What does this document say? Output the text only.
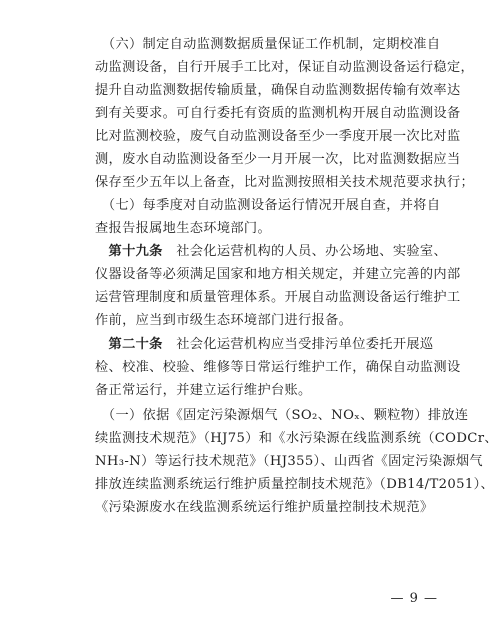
　（六）制定自动监测数据质量保证工作机制，定期校准自
动监测设备，自行开展手工比对，保证自动监测设备运行稳定，
提升自动监测数据传输质量，确保自动监测数据传输有效率达
到有关要求。可自行委托有资质的监测机构开展自动监测设备
比对监测校验，废气自动监测设备至少一季度开展一次比对监
测，废水自动监测设备至少一月开展一次，比对监测数据应当
保存至少五年以上备查，比对监测按照相关技术规范要求执行；
　（七）每季度对自动监测设备运行情况开展自查，并将自
查报告报属地生态环境部门。
　第十九条　社会化运营机构的人员、办公场地、实验室、
仪器设备等必须满足国家和地方相关规定，并建立完善的内部
运营管理制度和质量管理体系。开展自动监测设备运行维护工
作前，应当到市级生态环境部门进行报备。
　第二十条　社会化运营机构应当受排污单位委托开展巡
检、校准、校验、维修等日常运行维护工作，确保自动监测设
备正常运行，并建立运行维护台账。
　（一）依据《固定污染源烟气（SO₂、NOₓ、颗粒物）排放连
续监测技术规范》（HJ75）和《水污染源在线监测系统（CODCr、
NH₃-N）等运行技术规范》（HJ355）、山西省《固定污染源烟气
排放连续监测系统运行维护质量控制技术规范》（DB14/T2051）、
《污染源废水在线监测系统运行维护质量控制技术规范》
— 9 —
